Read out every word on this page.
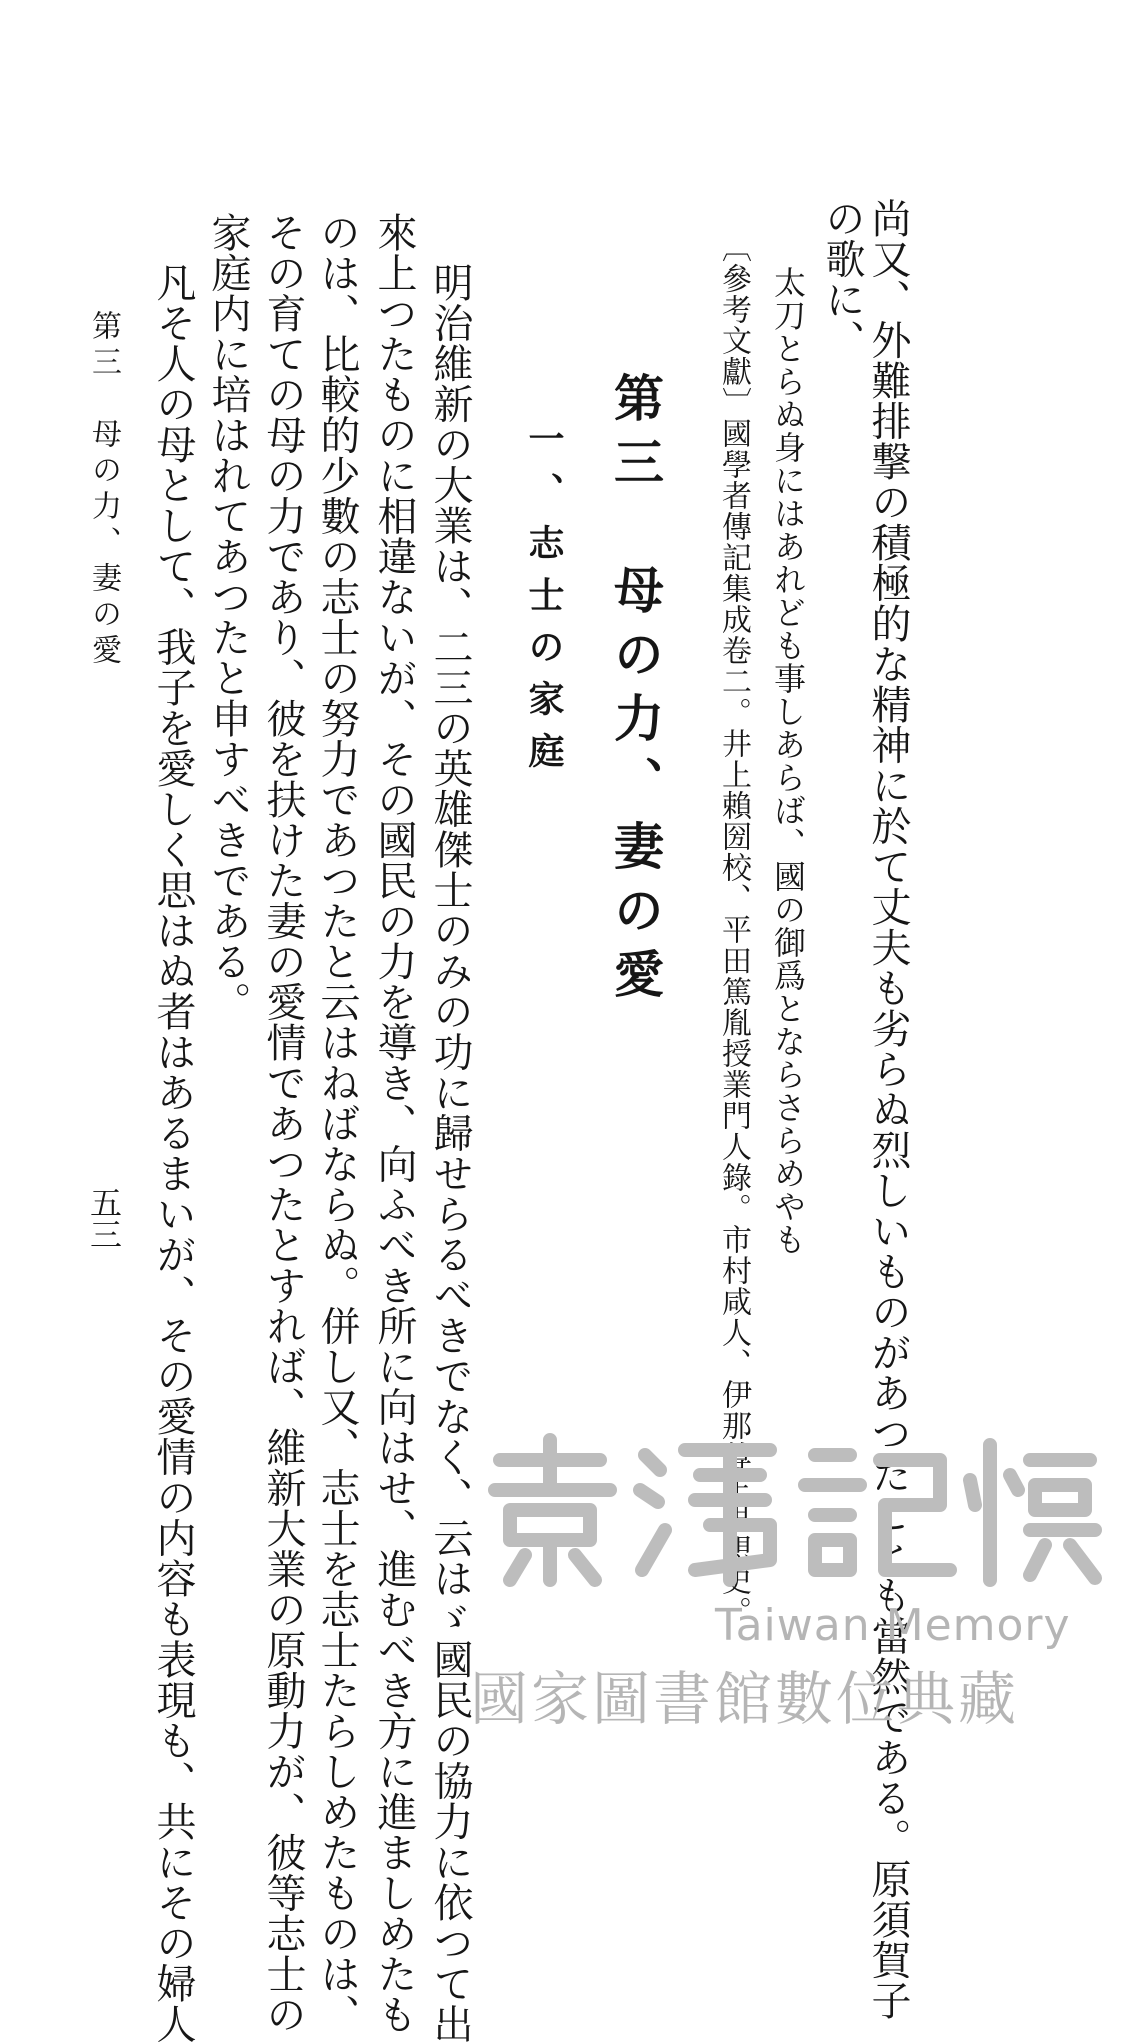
尚又、外難排撃の積極的な精神に於て丈夫も劣らぬ烈しいものがあつたことも當然である。原須賀子
の歌に、
太刀とらぬ身にはあれども事しあらば、國の御爲とならさらめやも
〔參考文獻〕國學者傳記集成卷二。井上賴圀校、平田篤胤授業門人錄。市村咸人、伊那尊王思想史。
第三　母の力、妻の愛
一、志士の家庭
明治維新の大業は、二三の英雄傑士のみの功に歸せらるべきでなく、云はゞ國民の協力に依つて出
來上つたものに相違ないが、その國民の力を導き、向ふべき所に向はせ、進むべき方に進ましめたも
のは、比較的少數の志士の努力であつたと云はねばならぬ。併し又、志士を志士たらしめたものは、
その育ての母の力であり、彼を扶けた妻の愛情であつたとすれば、維新大業の原動力が、彼等志士の
家庭内に培はれてあつたと申すべきである。
凡そ人の母として、我子を愛しく思はぬ者はあるまいが、その愛情の内容も表現も、共にその婦人
第三　母の力、妻の愛
五三
Taiwan Memory
國家圖書館數位典藏
